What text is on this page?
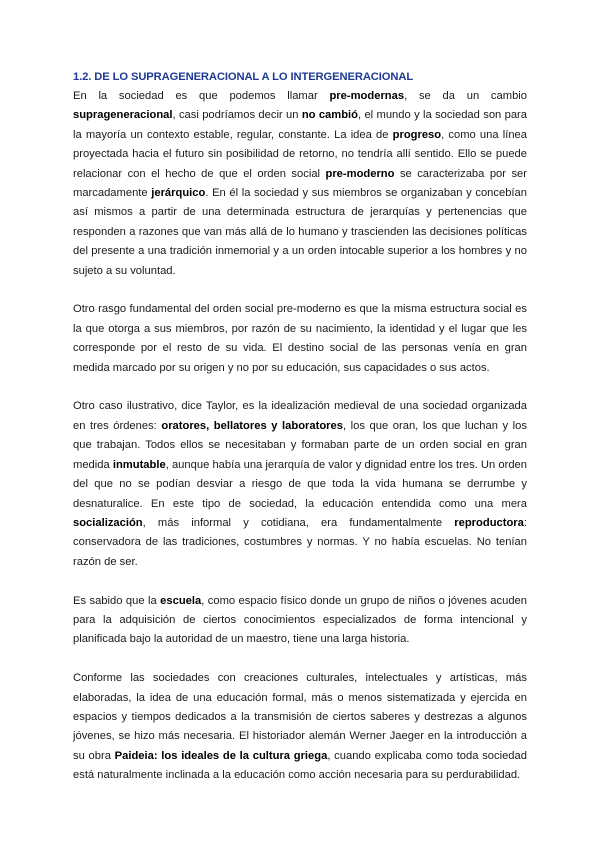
1.2. DE LO SUPRAGENERACIONAL A LO INTERGENERACIONAL

En la sociedad es que podemos llamar pre-modernas, se da un cambio suprageneracional, casi podríamos decir un no cambió, el mundo y la sociedad son para la mayoría un contexto estable, regular, constante. La idea de progreso, como una línea proyectada hacia el futuro sin posibilidad de retorno, no tendría allí sentido. Ello se puede relacionar con el hecho de que el orden social pre-moderno se caracterizaba por ser marcadamente jerárquico. En él la sociedad y sus miembros se organizaban y concebían así mismos a partir de una determinada estructura de jerarquías y pertenencias que responden a razones que van más allá de lo humano y trascienden las decisiones políticas del presente a una tradición inmemorial y a un orden intocable superior a los hombres y no sujeto a su voluntad.

Otro rasgo fundamental del orden social pre-moderno es que la misma estructura social es la que otorga a sus miembros, por razón de su nacimiento, la identidad y el lugar que les corresponde por el resto de su vida. El destino social de las personas venía en gran medida marcado por su origen y no por su educación, sus capacidades o sus actos.

Otro caso ilustrativo, dice Taylor, es la idealización medieval de una sociedad organizada en tres órdenes: oratores, bellatores y laboratores, los que oran, los que luchan y los que trabajan. Todos ellos se necesitaban y formaban parte de un orden social en gran medida inmutable, aunque había una jerarquía de valor y dignidad entre los tres. Un orden del que no se podían desviar a riesgo de que toda la vida humana se derrumbe y desnaturalice. En este tipo de sociedad, la educación entendida como una mera socialización, más informal y cotidiana, era fundamentalmente reproductora: conservadora de las tradiciones, costumbres y normas. Y no había escuelas. No tenían razón de ser.

Es sabido que la escuela, como espacio físico donde un grupo de niños o jóvenes acuden para la adquisición de ciertos conocimientos especializados de forma intencional y planificada bajo la autoridad de un maestro, tiene una larga historia.

Conforme las sociedades con creaciones culturales, intelectuales y artísticas, más elaboradas, la idea de una educación formal, más o menos sistematizada y ejercida en espacios y tiempos dedicados a la transmisión de ciertos saberes y destrezas a algunos jóvenes, se hizo más necesaria. El historiador alemán Werner Jaeger en la introducción a su obra Paideia: los ideales de la cultura griega, cuando explicaba como toda sociedad está naturalmente inclinada a la educación como acción necesaria para su perdurabilidad.
